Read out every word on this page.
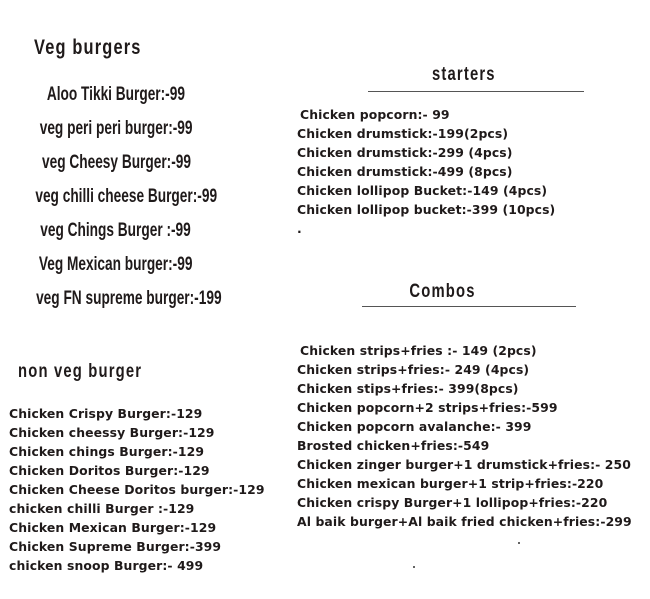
Veg burgers
Aloo Tikki Burger:-99
veg peri peri burger:-99
veg Cheesy Burger:-99
veg chilli cheese Burger:-99
veg Chings Burger :-99
Veg Mexican burger:-99
veg FN supreme burger:-199
non veg burger
Chicken Crispy Burger:-129
Chicken cheessy Burger:-129
Chicken chings Burger:-129
Chicken Doritos Burger:-129
Chicken Cheese Doritos burger:-129
chicken chilli Burger :-129
Chicken Mexican Burger:-129
Chicken Supreme Burger:-399
chicken snoop Burger:- 499
starters
Chicken popcorn:- 99
Chicken drumstick:-199(2pcs)
Chicken drumstick:-299 (4pcs)
Chicken drumstick:-499 (8pcs)
Chicken lollipop Bucket:-149 (4pcs)
Chicken lollipop bucket:-399 (10pcs)
.
Combos
Chicken strips+fries :- 149 (2pcs)
Chicken strips+fries:- 249 (4pcs)
Chicken stips+fries:- 399(8pcs)
Chicken popcorn+2 strips+fries:-599
Chicken popcorn avalanche:- 399
Brosted chicken+fries:-549
Chicken zinger burger+1 drumstick+fries:- 250
Chicken mexican burger+1 strip+fries:-220
Chicken crispy Burger+1 lollipop+fries:-220
Al baik burger+Al baik fried chicken+fries:-299
